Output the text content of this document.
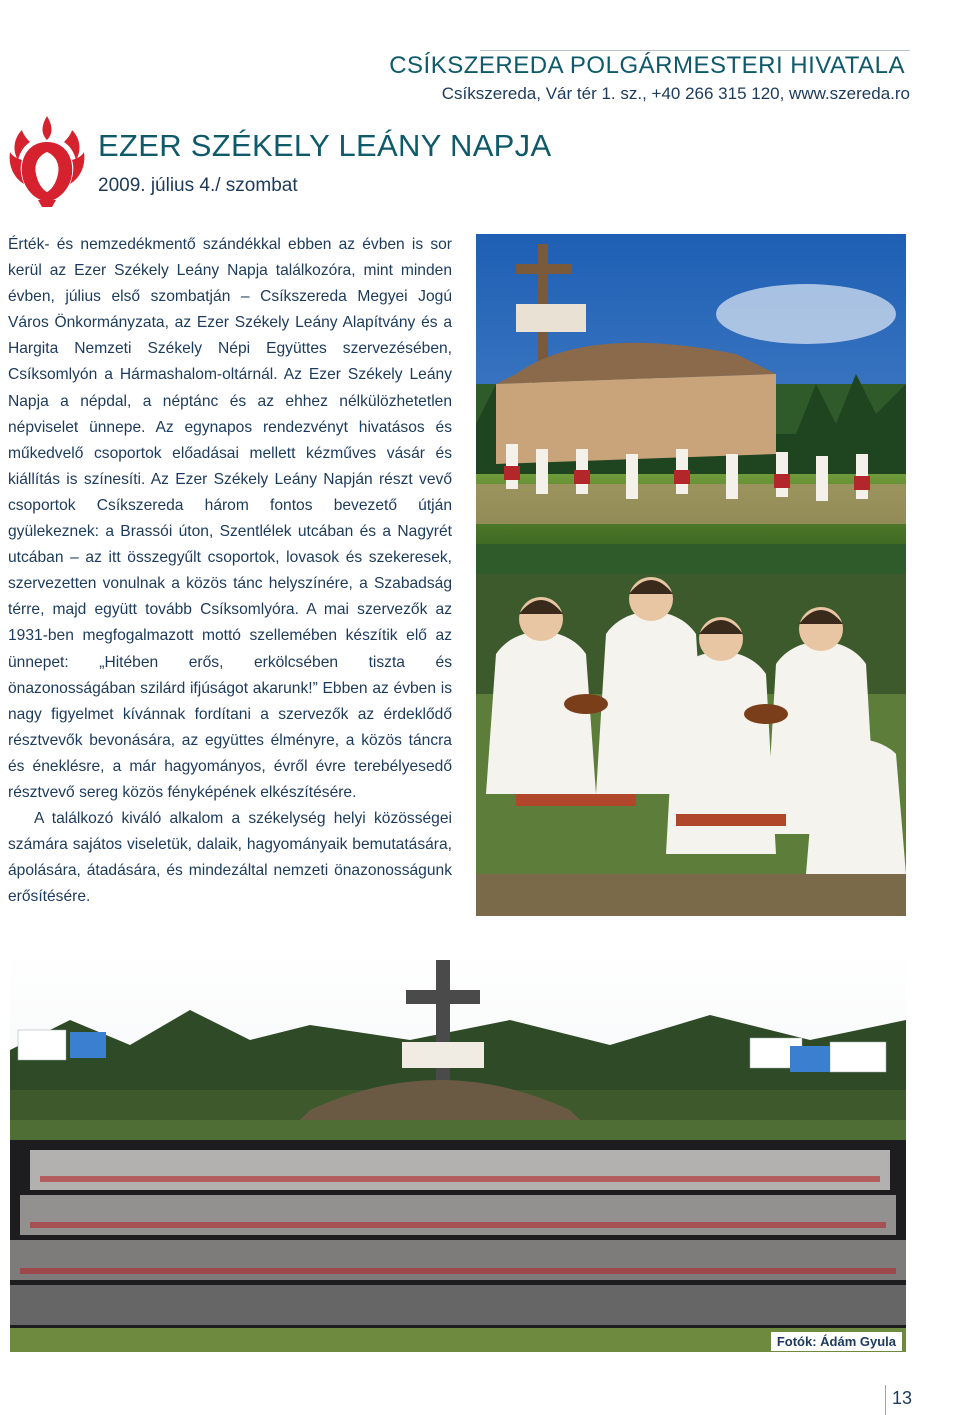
CSÍKSZEREDA POLGÁRMESTERI HIVATALA
Csíkszereda, Vár tér 1. sz., +40 266 315 120, www.szereda.ro
EZER SZÉKELY LEÁNY NAPJA
2009. július 4./ szombat

Érték- és nemzedékmentő szándékkal ebben az évben is sor kerül az Ezer Székely Leány Napja találkozóra, mint minden évben, július első szombatján – Csíkszereda Megyei Jogú Város Önkormányzata, az Ezer Székely Leány Alapítvány és a Hargita Nemzeti Székely Népi Együttes szervezésében, Csíksomlyón a Hármashalom-oltárnál. Az Ezer Székely Leány Napja a népdal, a néptánc és az ehhez nélkülözhetetlen népviselet ünnepe. Az egynapos rendezvényt hivatásos és műkedvelő csoportok előadásai mellett kézműves vásár és kiállítás is színesíti. Az Ezer Székely Leány Napján részt vevő csoportok Csíkszereda három fontos bevezető útján gyülekeznek: a Brassói úton, Szentlélek utcában és a Nagyrét utcában – az itt összegyűlt csoportok, lovasok és szekeresek, szervezetten vonulnak a közös tánc helyszínére, a Szabadság térre, majd együtt tovább Csíksomlyóra. A mai szervezők az 1931-ben megfogalmazott mottó szellemében készítik elő az ünnepet: „Hitében erős, erkölcsében tiszta és önazonosságában szilárd ifjúságot akarunk!” Ebben az évben is nagy figyelmet kívánnak fordítani a szervezők az érdeklődő résztvevők bevonására, az együttes élményre, a közös táncra és éneklésre, a már hagyományos, évről évre terebélyesedő résztvevő sereg közös fényképének elkészítésére.

A találkozó kiváló alkalom a székelység helyi közösségei számára sajátos viseletük, dalaik, hagyományaik bemutatására, ápolására, átadására, és mindezáltal nemzeti önazonosságunk erősítésére.

Fotók: Ádám Gyula
13
